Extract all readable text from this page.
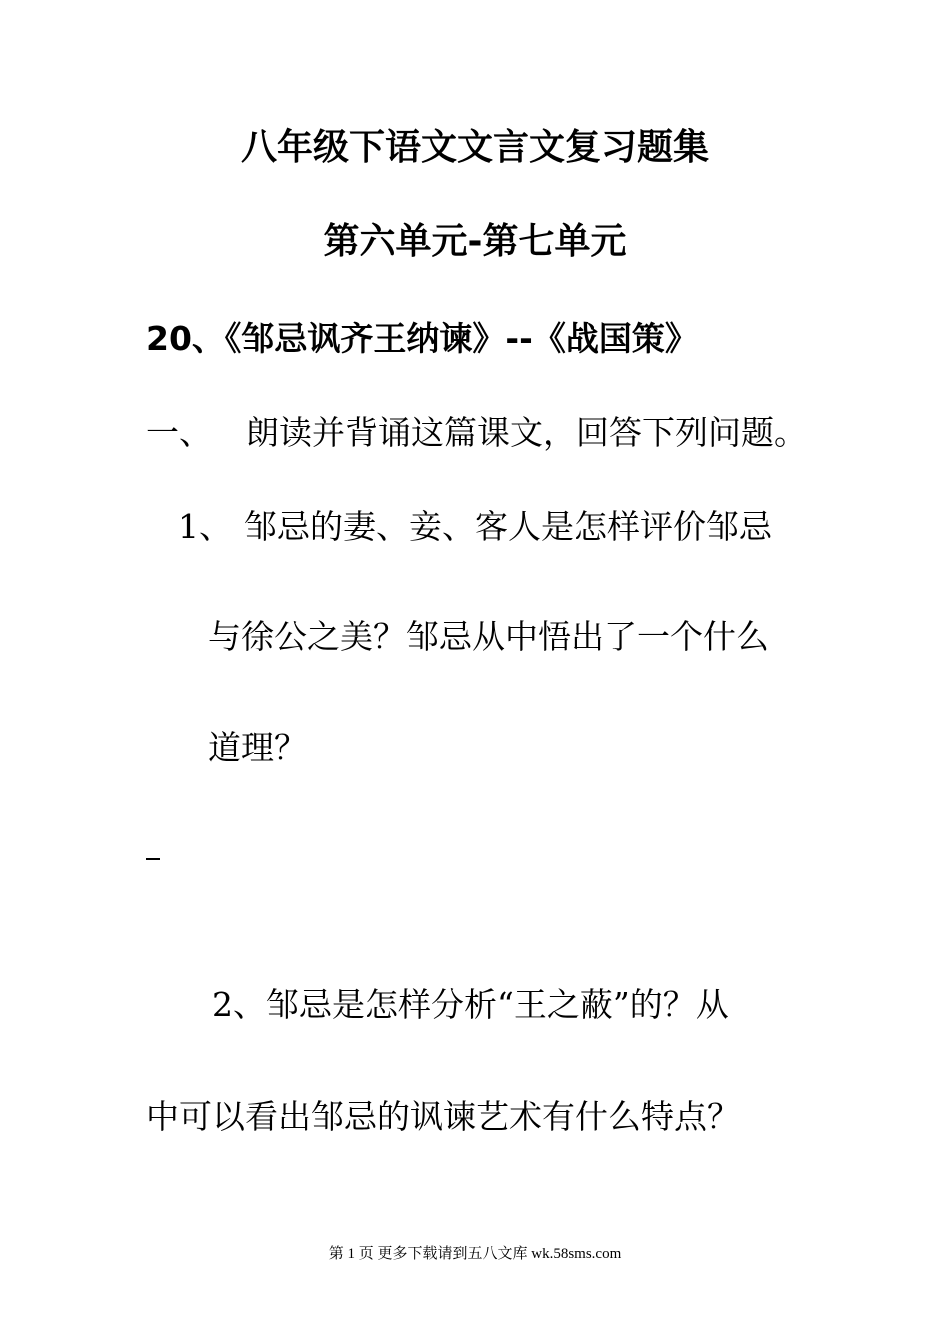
八年级下语文文言文复习题集
第六单元-第七单元
20、《邹忌讽齐王纳谏》--《战国策》
一、 朗读并背诵这篇课文，回答下列问题。
1、 邹忌的妻、妾、客人是怎样评价邹忌
与徐公之美？邹忌从中悟出了一个什么
道理？
2、邹忌是怎样分析“王之蔽”的？从
中可以看出邹忌的讽谏艺术有什么特点？
第 1 页 更多下载请到五八文库 wk.58sms.com
